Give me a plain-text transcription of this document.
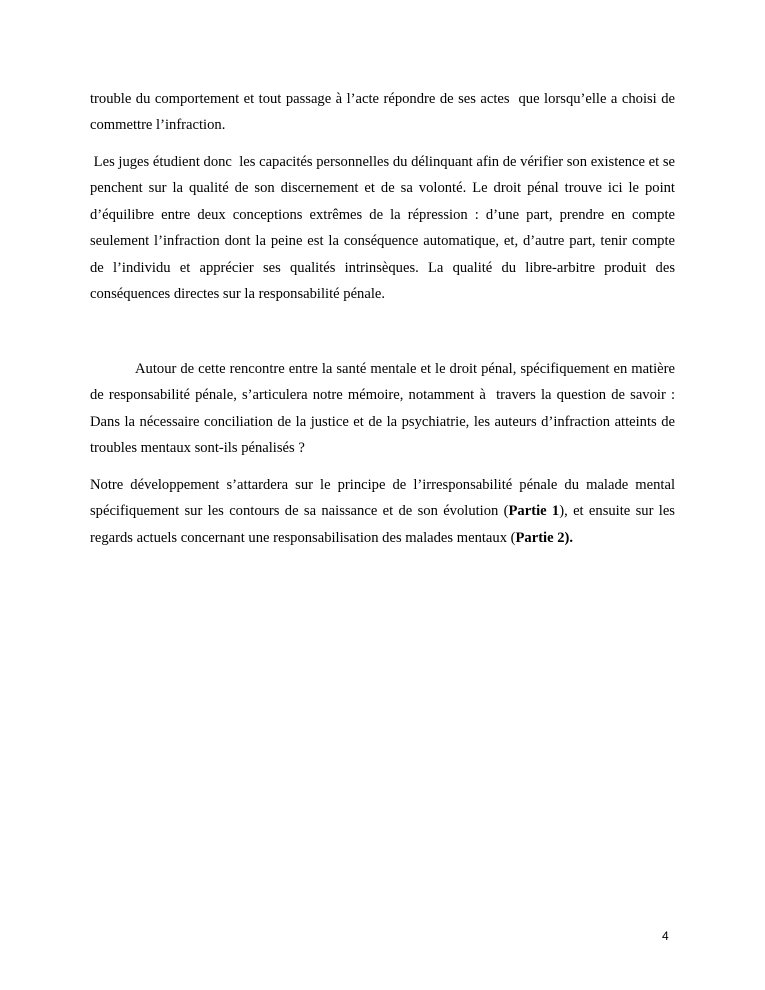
trouble du comportement et tout passage à l’acte répondre de ses actes  que lorsqu’elle a choisi de commettre l’infraction.

Les juges étudient donc  les capacités personnelles du délinquant afin de vérifier son existence et se penchent sur la qualité de son discernement et de sa volonté. Le droit pénal trouve ici le point d’équilibre entre deux conceptions extrêmes de la répression : d’une part, prendre en compte seulement l’infraction dont la peine est la conséquence automatique, et, d’autre part, tenir compte de l’individu et apprécier ses qualités intrinsèques. La qualité du libre-arbitre produit des conséquences directes sur la responsabilité pénale.

Autour de cette rencontre entre la santé mentale et le droit pénal, spécifiquement en matière de responsabilité pénale, s’articulera notre mémoire, notamment à  travers la question de savoir : Dans la nécessaire conciliation de la justice et de la psychiatrie, les auteurs d’infraction atteints de troubles mentaux sont-ils pénalisés ?

Notre développement s’attardera sur le principe de l’irresponsabilité pénale du malade mental spécifiquement sur les contours de sa naissance et de son évolution (Partie 1), et ensuite sur les regards actuels concernant une responsabilisation des malades mentaux (Partie 2).

4
